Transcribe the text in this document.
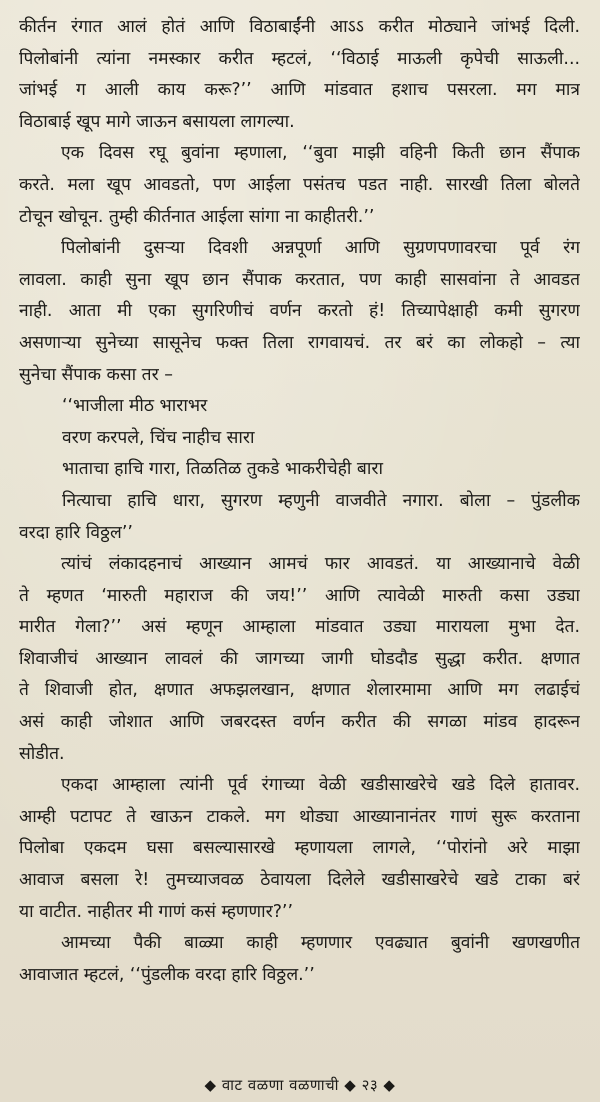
कीर्तन रंगात आलं होतं आणि विठाबाईंनी आऽऽ करीत मोठ्याने जांभई दिली.
पिलोबांनी त्यांना नमस्कार करीत म्हटलं, ‘‘विठाई माऊली कृपेची साऊली...
जांभई ग आली काय करू?’’ आणि मांडवात हशाच पसरला. मग मात्र
विठाबाई खूप मागे जाऊन बसायला लागल्या.
एक दिवस रघू बुवांना म्हणाला, ‘‘बुवा माझी वहिनी किती छान सैंपाक
करते. मला खूप आवडतो, पण आईला पसंतच पडत नाही. सारखी तिला बोलते
टोचून खोचून. तुम्ही कीर्तनात आईला सांगा ना काहीतरी.’’
पिलोबांनी दुसऱ्या दिवशी अन्नपूर्णा आणि सुग्रणपणावरचा पूर्व रंग
लावला. काही सुना खूप छान सैंपाक करतात, पण काही सासवांना ते आवडत
नाही. आता मी एका सुगरिणीचं वर्णन करतो हं! तिच्यापेक्षाही कमी सुगरण
असणाऱ्या सुनेच्या सासूनेच फक्त तिला रागवायचं. तर बरं का लोकहो – त्या
सुनेचा सैंपाक कसा तर –
‘‘भाजीला मीठ भाराभर
वरण करपले, चिंच नाहीच सारा
भाताचा हाचि गारा, तिळतिळ तुकडे भाकरीचेही बारा
नित्याचा हाचि धारा, सुगरण म्हणुनी वाजवीते नगारा. बोला – पुंडलीक
वरदा हारि विठ्ठल’’
त्यांचं लंकादहनाचं आख्यान आमचं फार आवडतं. या आख्यानाचे वेळी
ते म्हणत ‘मारुती महाराज की जय!’’ आणि त्यावेळी मारुती कसा उड्या
मारीत गेला?’’ असं म्हणून आम्हाला मांडवात उड्या मारायला मुभा देत.
शिवाजीचं आख्यान लावलं की जागच्या जागी घोडदौड सुद्धा करीत. क्षणात
ते शिवाजी होत, क्षणात अफझलखान, क्षणात शेलारमामा आणि मग लढाईचं
असं काही जोशात आणि जबरदस्त वर्णन करीत की सगळा मांडव हादरून
सोडीत.
एकदा आम्हाला त्यांनी पूर्व रंगाच्या वेळी खडीसाखरेचे खडे दिले हातावर.
आम्ही पटापट ते खाऊन टाकले. मग थोड्या आख्यानानंतर गाणं सुरू करताना
पिलोबा एकदम घसा बसल्यासारखे म्हणायला लागले, ‘‘पोरांनो अरे माझा
आवाज बसला रे! तुमच्याजवळ ठेवायला दिलेले खडीसाखरेचे खडे टाका बरं
या वाटीत. नाहीतर मी गाणं कसं म्हणणार?’’
आमच्या पैकी बाळ्या काही म्हणणार एवढ्यात बुवांनी खणखणीत
आवाजात म्हटलं, ‘‘पुंडलीक वरदा हारि विठ्ठल.’’
◆ वाट वळणा वळणाची ◆ २३ ◆
